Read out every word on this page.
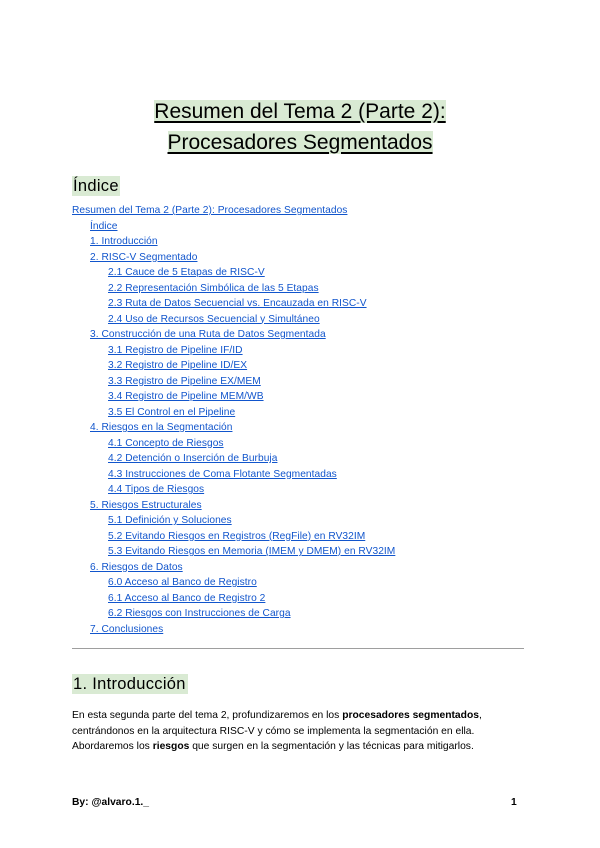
Resumen del Tema 2 (Parte 2):
Procesadores Segmentados
Índice
Resumen del Tema 2 (Parte 2): Procesadores Segmentados
Índice
1. Introducción
2. RISC-V Segmentado
2.1 Cauce de 5 Etapas de RISC-V
2.2 Representación Simbólica de las 5 Etapas
2.3 Ruta de Datos Secuencial vs. Encauzada en RISC-V
2.4 Uso de Recursos Secuencial y Simultáneo
3. Construcción de una Ruta de Datos Segmentada
3.1 Registro de Pipeline IF/ID
3.2 Registro de Pipeline ID/EX
3.3 Registro de Pipeline EX/MEM
3.4 Registro de Pipeline MEM/WB
3.5 El Control en el Pipeline
4. Riesgos en la Segmentación
4.1 Concepto de Riesgos
4.2 Detención o Inserción de Burbuja
4.3 Instrucciones de Coma Flotante Segmentadas
4.4 Tipos de Riesgos
5. Riesgos Estructurales
5.1 Definición y Soluciones
5.2 Evitando Riesgos en Registros (RegFile) en RV32IM
5.3 Evitando Riesgos en Memoria (IMEM y DMEM) en RV32IM
6. Riesgos de Datos
6.0 Acceso al Banco de Registro
6.1 Acceso al Banco de Registro 2
6.2 Riesgos con Instrucciones de Carga
7. Conclusiones
1. Introducción

En esta segunda parte del tema 2, profundizaremos en los procesadores segmentados, centrándonos en la arquitectura RISC-V y cómo se implementa la segmentación en ella. Abordaremos los riesgos que surgen en la segmentación y las técnicas para mitigarlos.

By: @alvaro.1._	1
